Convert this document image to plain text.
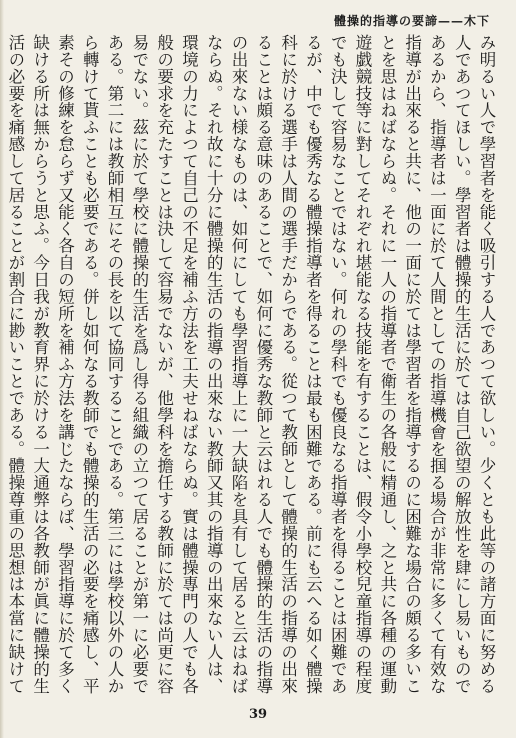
體操的指導の要諦——木下

み明るい人で學習者を能く吸引する人であつて欲しい。少くとも此等の諸方面に努める人であつてほしい。學習者は體操的生活に於ては自己欲望の解放性を肆にし易いものであるから、指導者は一面に於て人間としての指導機會を掴る場合が非常に多くて有效な指導が出來ると共に、他の一面に於ては學習者を指導するのに困難な場合の頗る多いことを思はねばならぬ。それに一人の指導者で衛生の各般に精通し、之と共に各種の運動遊戯競技等に對してそれぞれ堪能なる技能を有することは、假令小學校兒童指導の程度でも決して容易なことではない。何れの學科でも優良なる指導者を得ることは困難であるが、中でも優秀なる體操指導者を得ることは最も困難である。前にも云へる如く體操科に於ける選手は人間の選手だからである。從つて教師として體操的生活の指導の出來ることは頗る意味のあることで、如何に優秀な教師と云はれる人でも體操的生活の指導の出來ない様なものは、如何にしても學習指導上に一大缺陷を具有して居ると云はねばならぬ。それ故に十分に體操的生活の指導の出來ない教師又其の指導の出來ない人は、環境の力によつて自己の不足を補ふ方法を工夫せねばならぬ。實は體操專門の人でも各般の要求を充たすことは決して容易でないが、他學科を擔任する教師に於ては尚更に容易でない。茲に於て學校に體操的生活を爲し得る組織の立つて居ることが第一に必要である。第二には教師相互にその長を以て協同することである。第三には學校以外の人から轉けて貰ふことも必要である。併し如何なる教師でも體操的生活の必要を痛感し、平素その修練を怠らず又能く各自の短所を補ふ方法を講じたならば、學習指導に於て多く缺ける所は無からうと思ふ。今日我が教育界に於ける一大通弊は各教師が眞に體操的生活の必要を痛感して居ることが割合に尠いことである。體操尊重の思想は本當に缺けて

39
